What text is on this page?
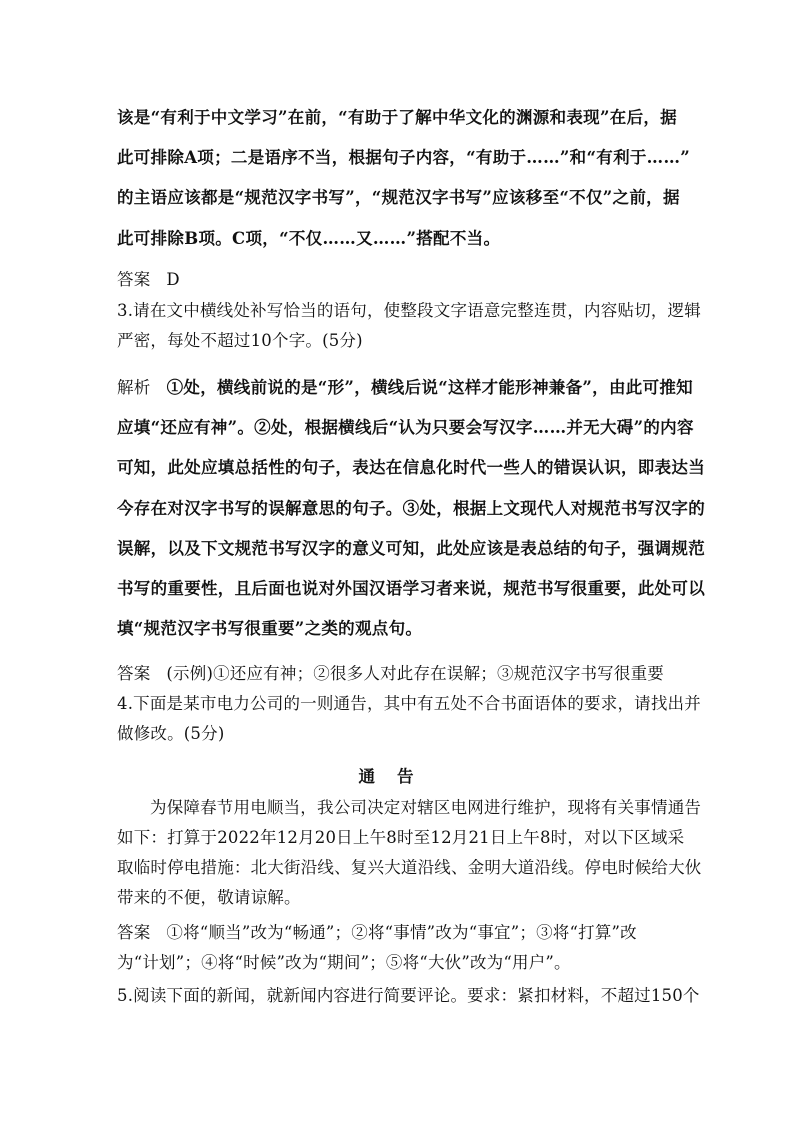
该是“有利于中文学习”在前，“有助于了解中华文化的渊源和表现”在后，据
此可排除A项；二是语序不当，根据句子内容，“有助于……”和“有利于……”
的主语应该都是“规范汉字书写”，“规范汉字书写”应该移至“不仅”之前，据
此可排除B项。C项，“不仅……又……”搭配不当。
答案 D
3.请在文中横线处补写恰当的语句，使整段文字语意完整连贯，内容贴切，逻辑
严密，每处不超过10个字。(5分)
解析 ①处，横线前说的是“形”，横线后说“这样才能形神兼备”，由此可推知
应填“还应有神”。②处，根据横线后“认为只要会写汉字……并无大碍”的内容
可知，此处应填总括性的句子，表达在信息化时代一些人的错误认识，即表达当
今存在对汉字书写的误解意思的句子。③处，根据上文现代人对规范书写汉字的
误解，以及下文规范书写汉字的意义可知，此处应该是表总结的句子，强调规范
书写的重要性，且后面也说对外国汉语学习者来说，规范书写很重要，此处可以
填“规范汉字书写很重要”之类的观点句。
答案 (示例)①还应有神；②很多人对此存在误解；③规范汉字书写很重要
4.下面是某市电力公司的一则通告，其中有五处不合书面语体的要求，请找出并
做修改。(5分)
通告
为保障春节用电顺当，我公司决定对辖区电网进行维护，现将有关事情通告
如下：打算于2022年12月20日上午8时至12月21日上午8时，对以下区域采
取临时停电措施：北大街沿线、复兴大道沿线、金明大道沿线。停电时候给大伙
带来的不便，敬请谅解。
答案 ①将“顺当”改为“畅通”；②将“事情”改为“事宜”；③将“打算”改
为“计划”；④将“时候”改为“期间”；⑤将“大伙”改为“用户”。
5.阅读下面的新闻，就新闻内容进行简要评论。要求：紧扣材料，不超过150个
